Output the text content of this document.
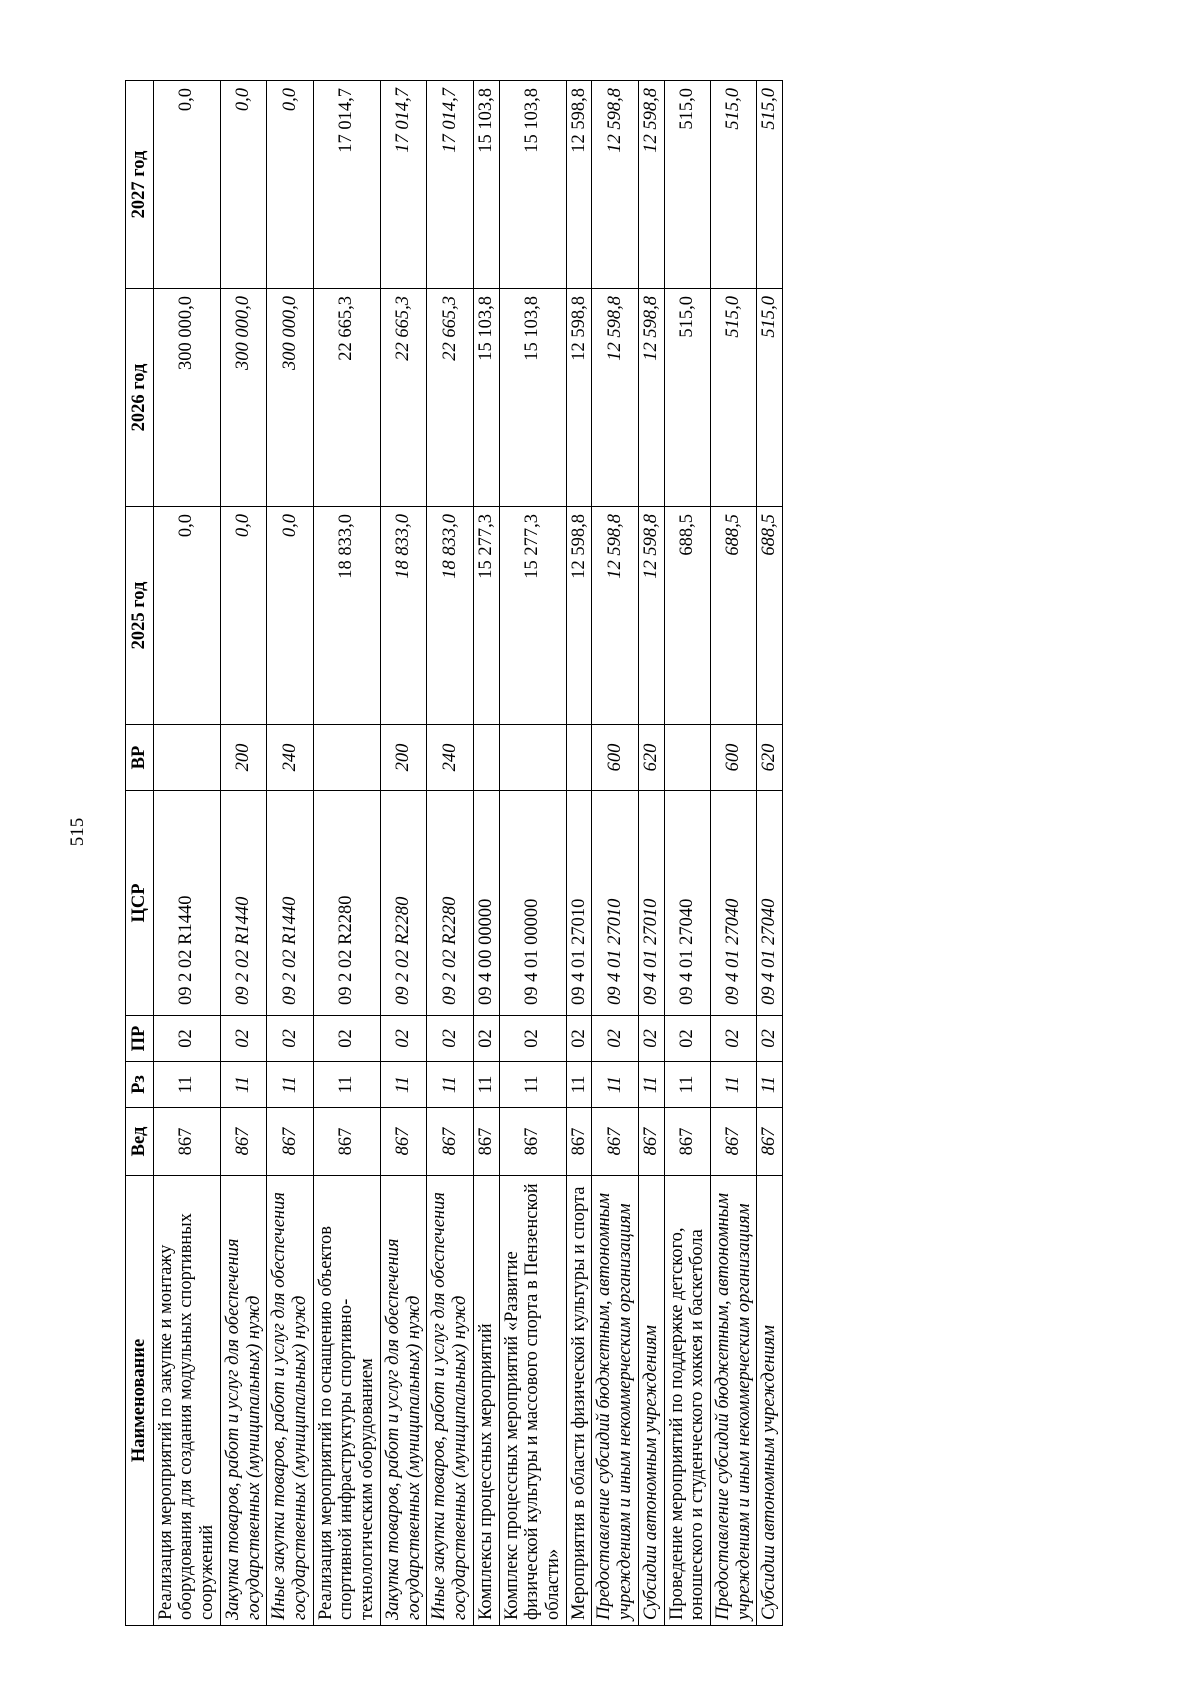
515
Наименование	Вед	Рз	ПР	ЦСР	ВР	2025 год	2026 год	2027 год
Реализация мероприятий по закупке и монтажу оборудования для создания модульных спортивных сооружений	867	11	02	09 2 02 R1440		0,0	300 000,0	0,0
Закупка товаров, работ и услуг для обеспечения государственных (муниципальных) нужд	867	11	02	09 2 02 R1440	200	0,0	300 000,0	0,0
Иные закупки товаров, работ и услуг для обеспечения государственных (муниципальных) нужд	867	11	02	09 2 02 R1440	240	0,0	300 000,0	0,0
Реализация мероприятий по оснащению объектов спортивной инфраструктуры спортивно-технологическим оборудованием	867	11	02	09 2 02 R2280		18 833,0	22 665,3	17 014,7
Закупка товаров, работ и услуг для обеспечения государственных (муниципальных) нужд	867	11	02	09 2 02 R2280	200	18 833,0	22 665,3	17 014,7
Иные закупки товаров, работ и услуг для обеспечения государственных (муниципальных) нужд	867	11	02	09 2 02 R2280	240	18 833,0	22 665,3	17 014,7
Комплексы процессных мероприятий	867	11	02	09 4 00 00000		15 277,3	15 103,8	15 103,8
Комплекс процессных мероприятий «Развитие физической культуры и массового спорта в Пензенской области»	867	11	02	09 4 01 00000		15 277,3	15 103,8	15 103,8
Мероприятия в области физической культуры и спорта	867	11	02	09 4 01 27010		12 598,8	12 598,8	12 598,8
Предоставление субсидий бюджетным, автономным учреждениям и иным некоммерческим организациям	867	11	02	09 4 01 27010	600	12 598,8	12 598,8	12 598,8
Субсидии автономным учреждениям	867	11	02	09 4 01 27010	620	12 598,8	12 598,8	12 598,8
Проведение мероприятий по поддержке детского, юношеского и студенческого хоккея и баскетбола	867	11	02	09 4 01 27040		688,5	515,0	515,0
Предоставление субсидий бюджетным, автономным учреждениям и иным некоммерческим организациям	867	11	02	09 4 01 27040	600	688,5	515,0	515,0
Субсидии автономным учреждениям	867	11	02	09 4 01 27040	620	688,5	515,0	515,0
